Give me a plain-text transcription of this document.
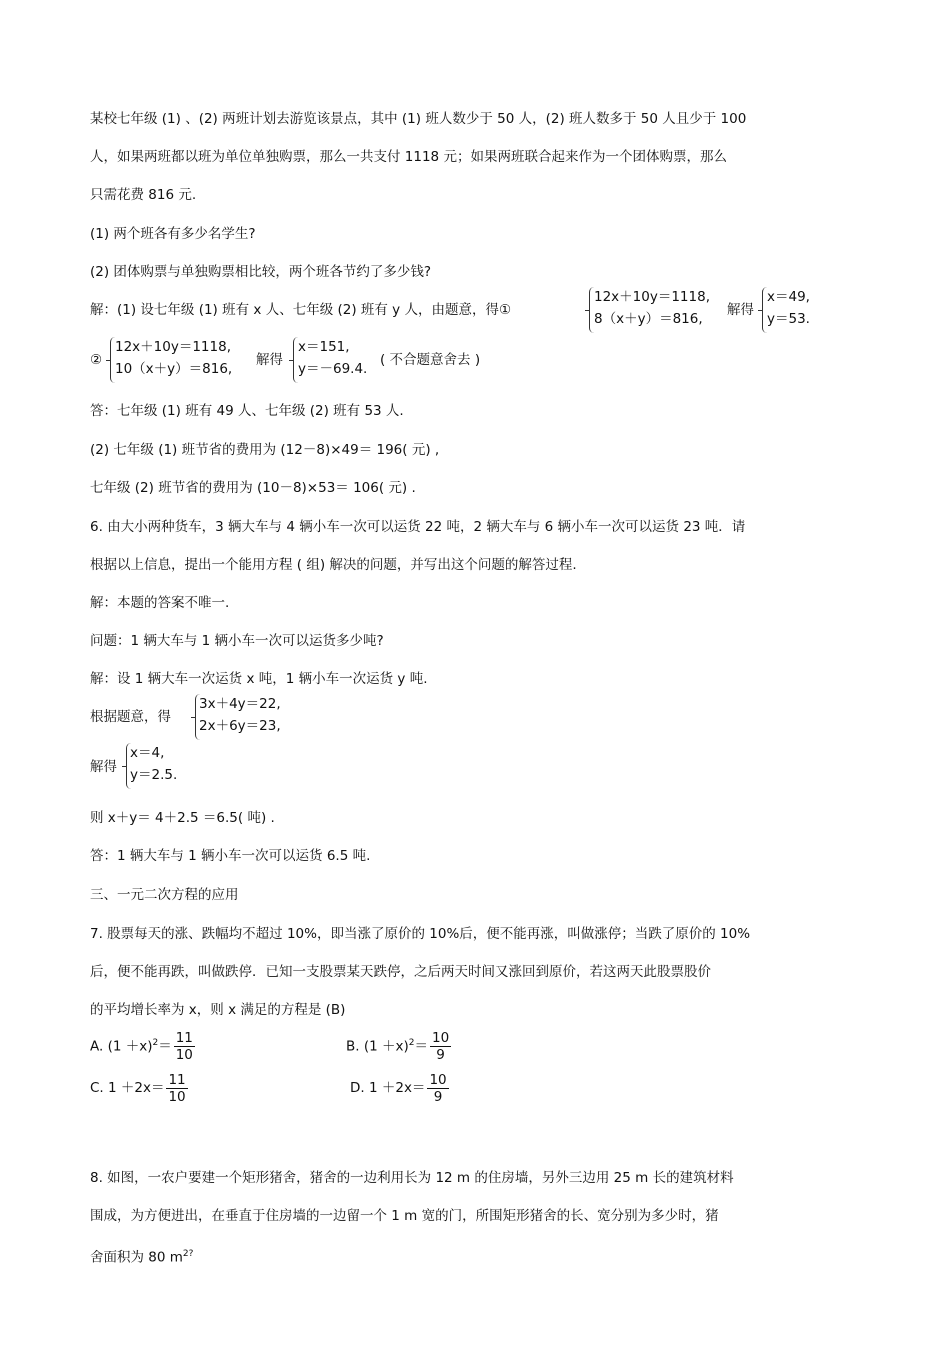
某校七年级 (1) 、(2) 两班计划去游览该景点，其中 (1) 班人数少于 50 人，(2) 班人数多于 50 人且少于 100
人，如果两班都以班为单位单独购票，那么一共支付 1118 元；如果两班联合起来作为一个团体购票，那么
只需花费 816 元.
(1) 两个班各有多少名学生?
(2) 团体购票与单独购票相比较，两个班各节约了多少钱?
解：(1) 设七年级 (1) 班有 x 人、七年级 (2) 班有 y 人，由题意，得①
12x＋10y＝1118,
8（x＋y）＝816,
解得
x＝49,
y＝53.
②
12x＋10y＝1118,
10（x＋y）＝816,
解得
x＝151,
y＝－69.4.
( 不合题意舍去 )
答：七年级 (1) 班有 49 人、七年级 (2) 班有 53 人.
(2) 七年级 (1) 班节省的费用为 (12－8)×49＝ 196( 元) ,
七年级 (2) 班节省的费用为 (10－8)×53＝ 106( 元) .
6. 由大小两种货车，3 辆大车与 4 辆小车一次可以运货 22 吨，2 辆大车与 6 辆小车一次可以运货 23 吨．请
根据以上信息，提出一个能用方程 ( 组) 解决的问题，并写出这个问题的解答过程.
解：本题的答案不唯一.
问题：1 辆大车与 1 辆小车一次可以运货多少吨?
解：设 1 辆大车一次运货 x 吨，1 辆小车一次运货 y 吨.
根据题意，得
3x＋4y＝22,
2x＋6y＝23,
解得
x＝4,
y＝2.5.
则 x＋y＝ 4＋2.5 ＝6.5( 吨) .
答：1 辆大车与 1 辆小车一次可以运货 6.5 吨.
三、一元二次方程的应用
7. 股票每天的涨、跌幅均不超过 10%，即当涨了原价的 10%后，便不能再涨，叫做涨停；当跌了原价的 10%
后，便不能再跌，叫做跌停．已知一支股票某天跌停，之后两天时间又涨回到原价，若这两天此股票股价
的平均增长率为 x，则 x 满足的方程是 (B)
A. $(1 +x)^2= \frac{11}{10}$	B. $(1 +x)^2= \frac{10}{9}$
C. $1 +2x= \frac{11}{10}$	D. $1 +2x= \frac{10}{9}$
8. 如图，一农户要建一个矩形猪舍，猪舍的一边利用长为 12 m 的住房墙，另外三边用 25 m 长的建筑材料
围成，为方便进出，在垂直于住房墙的一边留一个 1 m 宽的门，所围矩形猪舍的长、宽分别为多少时，猪
舍面积为 80 $m^{2?}$
